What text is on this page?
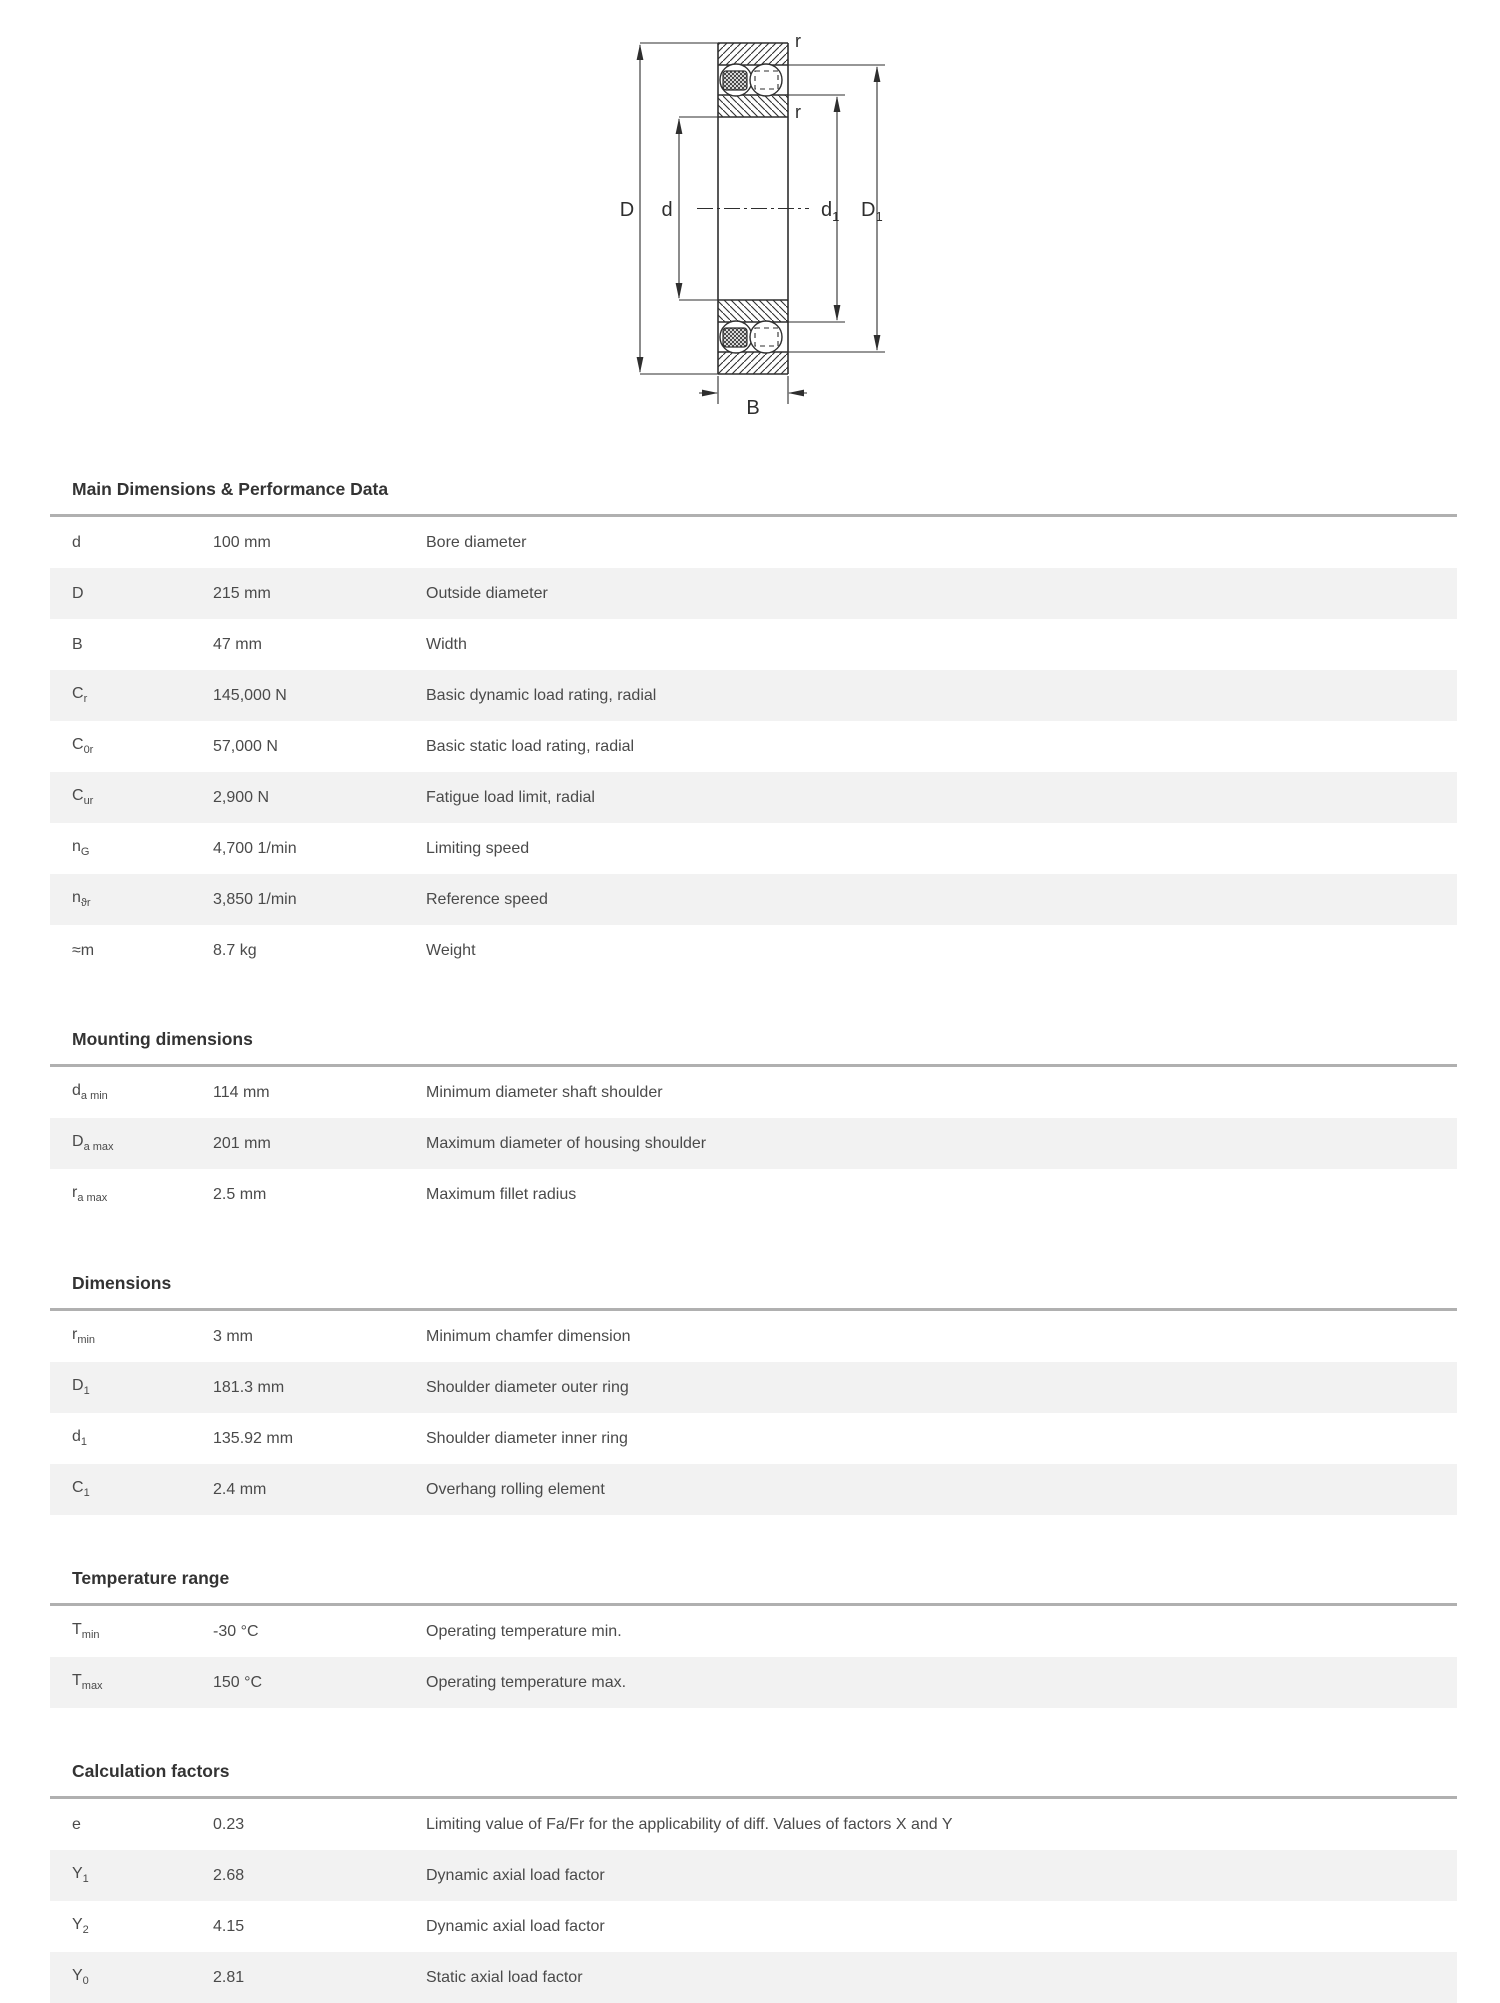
D d	$d_1$ $D_1$
r
r
B
Main Dimensions & Performance Data
d	100 mm	Bore diameter
D	215 mm	Outside diameter
B	47 mm	Width
$C_r$	145,000 N	Basic dynamic load rating, radial
$C_{0r}$	57,000 N	Basic static load rating, radial
$C_{ur}$	2,900 N	Fatigue load limit, radial
$n_G$	4,700 1/min	Limiting speed
$n_{ϑr}$	3,850 1/min	Reference speed
≈m	8.7 kg	Weight
Mounting dimensions
$d_{a min}$	114 mm	Minimum diameter shaft shoulder
$D_{a max}$	201 mm	Maximum diameter of housing shoulder
$r_{a max}$	2.5 mm	Maximum fillet radius
Dimensions
$r_{min}$	3 mm	Minimum chamfer dimension
$D_1$	181.3 mm	Shoulder diameter outer ring
$d_1$	135.92 mm	Shoulder diameter inner ring
$C_1$	2.4 mm	Overhang rolling element
Temperature range
$T_{min}$	-30 °C	Operating temperature min.
$T_{max}$	150 °C	Operating temperature max.
Calculation factors
e	0.23	Limiting value of Fa/Fr for the applicability of diff. Values of factors X and Y
$Y_1$	2.68	Dynamic axial load factor
$Y_2$	4.15	Dynamic axial load factor
$Y_0$	2.81	Static axial load factor
